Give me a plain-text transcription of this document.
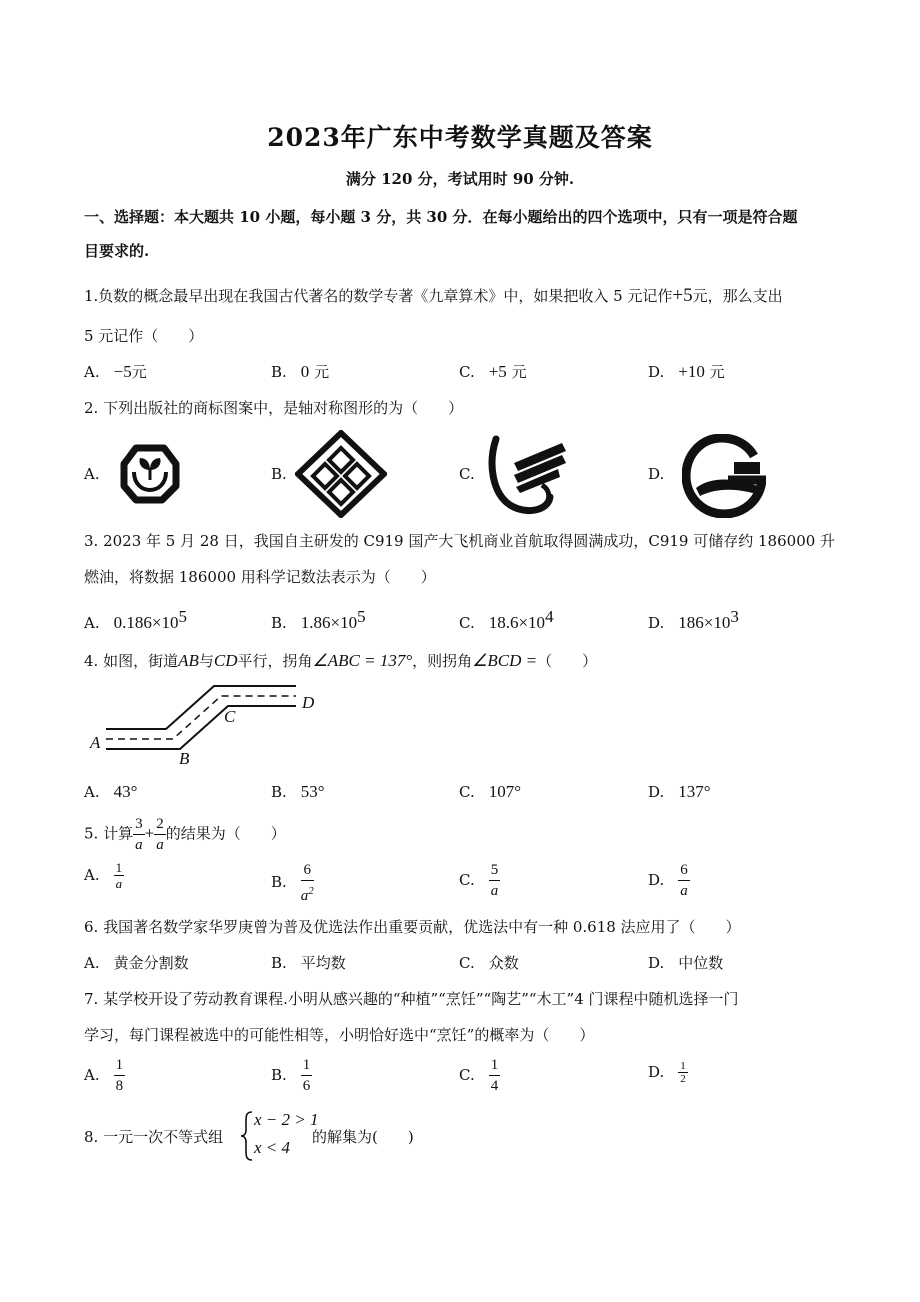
2023年广东中考数学真题及答案
满分 120 分，考试用时 90 分钟.
一、选择题：本大题共 10 小题，每小题 3 分，共 30 分．在每小题给出的四个选项中，只有一项是符合题
目要求的.
1.负数的概念最早出现在我国古代著名的数学专著《九章算术》中，如果把收入 5 元记作+5元，那么支出
5 元记作（　　）
A. −5元	B. 0 元	C. +5 元	D. +10 元
2. 下列出版社的商标图案中，是轴对称图形的为（　　）
A.	B.	C.	D.
3. 2023 年 5 月 28 日，我国自主研发的 C919 国产大飞机商业首航取得圆满成功，C919 可储存约 186000 升
燃油，将数据 186000 用科学记数法表示为（　　）
A. $0.186\times 10^5$	B. $1.86\times 10^5$	C. $18.6\times 10^4$	D. $186\times 10^3$
4. 如图，街道AB与CD平行，拐角∠ABC = 137°，则拐角∠BCD =（　　）
A
B
C
D
A. 43°	B. 53°	C. 107°	D. 137°
5. 计算 $\frac{3}{a} + \frac{2}{a}$ 的结果为（　　）
A. $\frac{1}{a}$	B. $\frac{6}{a^2}$	C. $\frac{5}{a}$	D. $\frac{6}{a}$
6. 我国著名数学家华罗庚曾为普及优选法作出重要贡献，优选法中有一种 0.618 法应用了（　　）
A. 黄金分割数	B. 平均数	C. 众数	D. 中位数
7. 某学校开设了劳动教育课程.小明从感兴趣的“种植”“烹饪”“陶艺”“木工”4 门课程中随机选择一门
学习，每门课程被选中的可能性相等，小明恰好选中“烹饪”的概率为（　　）
A. $\frac{1}{8}$	B. $\frac{1}{6}$	C. $\frac{1}{4}$	D. $\frac{1}{2}$
8. 一元一次不等式组
x − 2 > 1
x < 4
的解集为(　　)
